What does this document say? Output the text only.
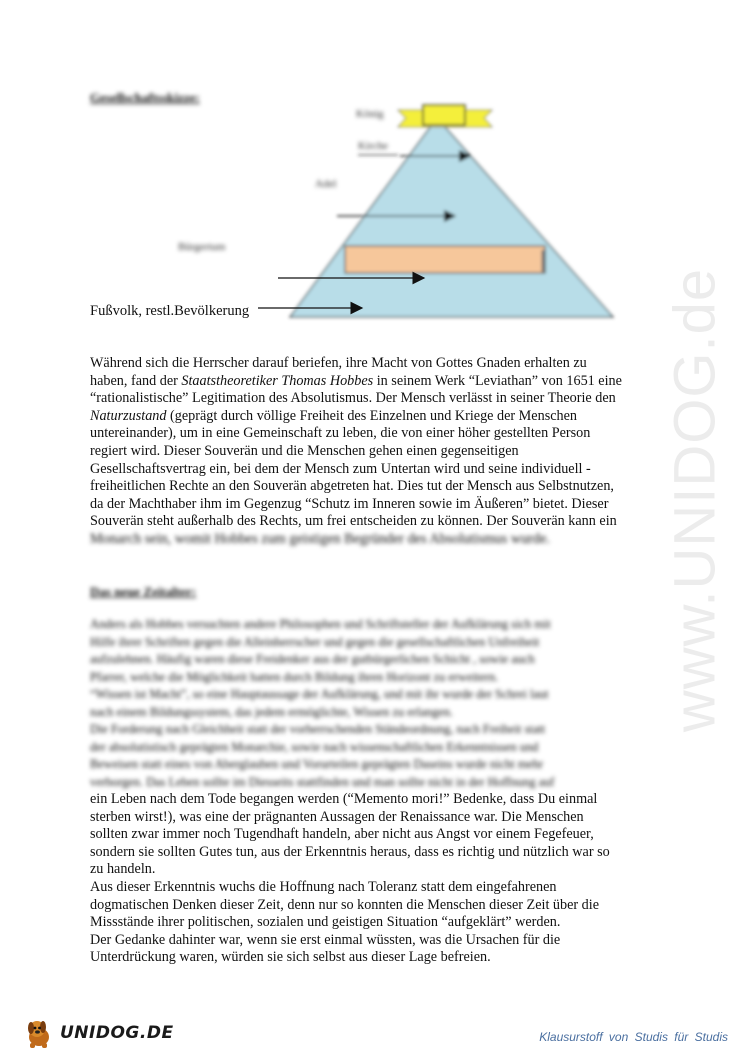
Gesellschaftsskizze:
König
Kirche
Adel
Bürgertum
Fußvolk, restl.Bevölkerung
Während sich die Herrscher darauf beriefen, ihre Macht von Gottes Gnaden erhalten zu
haben, fand der Staatstheoretiker Thomas Hobbes in seinem Werk “Leviathan” von 1651 eine
“rationalistische” Legitimation des Absolutismus. Der Mensch verlässt in seiner Theorie den
Naturzustand (geprägt durch völlige Freiheit des Einzelnen und Kriege der Menschen
untereinander), um in eine Gemeinschaft zu leben, die von einer höher gestellten Person
regiert wird. Dieser Souverän und die Menschen gehen einen gegenseitigen
Gesellschaftsvertrag ein, bei dem der Mensch zum Untertan wird und seine individuell -
freiheitlichen Rechte an den Souverän abgetreten hat. Dies tut der Mensch aus Selbstnutzen,
da der Machthaber ihm im Gegenzug “Schutz im Inneren sowie im Äußeren” bietet. Dieser
Souverän steht außerhalb des Rechts, um frei entscheiden zu können. Der Souverän kann ein
Monarch sein, womit Hobbes zum geistigen Begründer des Absolutismus wurde.
Das neue Zeitalter:
Anders als Hobbes versuchten andere Philosophen und Schriftsteller der Aufklärung sich mit
Hilfe ihrer Schriften gegen die Alleinherrscher und gegen die gesellschaftlichen Unfreiheit
aufzulehnen. Häufig waren diese Freidenker aus der gutbürgerlichen Schicht , sowie auch
Pfarrer, welche die Möglichkeit hatten durch Bildung ihren Horizont zu erweitern.
“Wissen ist Macht”, so eine Hauptaussage der Aufklärung, und mit ihr wurde der Schrei laut
nach einem Bildungssystem, das jedem ermöglichte, Wissen zu erlangen.
Die Forderung nach Gleichheit statt der vorherrschenden Ständeordnung, nach Freiheit statt
der absolutistisch geprägten Monarchie, sowie nach wissenschaftlichen Erkenntnissen und
Beweisen statt eines von Aberglauben und Vorurteilen geprägten Daseins wurde nicht mehr
verborgen. Das Leben sollte im Diesseits stattfinden und man sollte nicht in der Hoffnung auf
ein Leben nach dem Tode begangen werden (“Memento mori!” Bedenke, dass Du einmal
sterben wirst!), was eine der prägnanten Aussagen der Renaissance war. Die Menschen
sollten zwar immer noch Tugendhaft handeln, aber nicht aus Angst vor einem Fegefeuer,
sondern sie sollten Gutes tun, aus der Erkenntnis heraus, dass es richtig und nützlich war so
zu handeln.
Aus dieser Erkenntnis wuchs die Hoffnung nach Toleranz statt dem eingefahrenen
dogmatischen Denken dieser Zeit, denn nur so konnten die Menschen dieser Zeit über die
Missstände ihrer politischen, sozialen und geistigen Situation “aufgeklärt” werden.
Der Gedanke dahinter war, wenn sie erst einmal wüssten, was die Ursachen für die
Unterdrückung waren, würden sie sich selbst aus dieser Lage befreien.
www.UNIDOG.de
UNIDOG.DE	Klausurstoff von Studis für Studis
